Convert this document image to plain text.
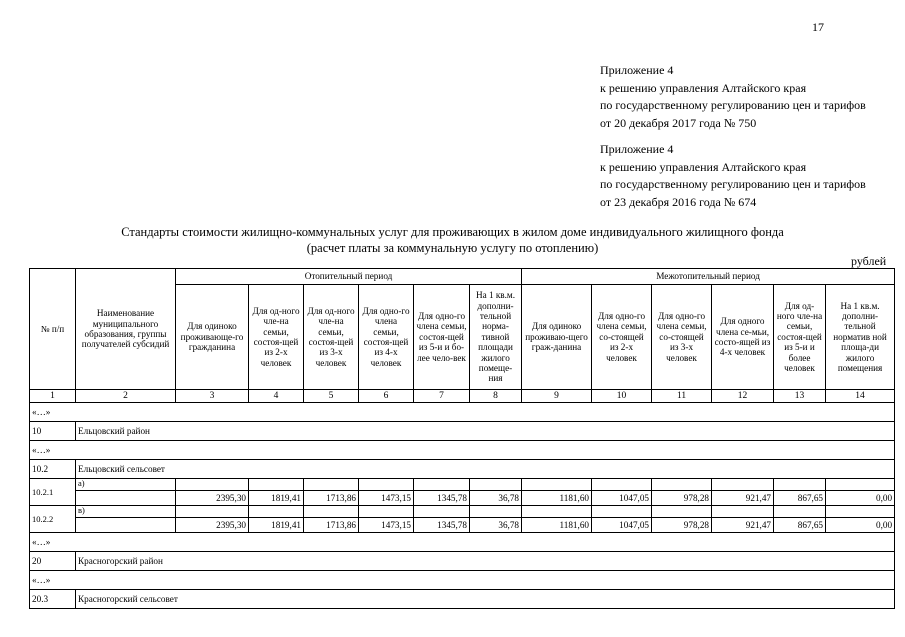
17
Приложение 4
к решению управления Алтайского края
по государственному регулированию цен и тарифов
от 20 декабря 2017 года № 750
Приложение 4
к решению управления Алтайского края
по государственному регулированию цен и тарифов
от 23 декабря 2016 года № 674
Стандарты стоимости жилищно-коммунальных услуг для проживающих в жилом доме индивидуального жилищного фонда
(расчет платы за коммунальную услугу по отоплению)
рублей
№ п/п	Наименование муниципального образования, группы получателей субсидий	Отопительный период						Межотопительный период					
		Для одиноко проживающе-го гражданина	Для од-ного чле-на семьи, состоя-щей из 2-х человек	Для од-ного чле-на семьи, состоя-щей из 3-х человек	Для одно-го члена семьи, состоя-щей из 4-х человек	Для одно-го члена семьи, состоя-щей из 5-и и бо-лее чело-век	На 1 кв.м. дополни-тельной норма-тивной площади жилого помеще-ния	Для одиноко проживаю-щего граж-данина	Для одно-го члена семьи, со-стоящей из 2-х человек	Для одно-го члена семьи, со-стоящей из 3-х человек	Для одного члена се-мьи, состо-ящей из 4-х человек	Для од-ного чле-на семьи, состоя-щей из 5-и и более человек	На 1 кв.м. дополни-тельной норматив ной площа-ди жилого помещения
1	2	3	4	5	6	7	8	9	10	11	12	13	14
«…»													
10	Ельцовский район												
«…»													
10.2	Ельцовский сельсовет												
10.2.1	а)												
		2395,30	1819,41	1713,86	1473,15	1345,78	36,78	1181,60	1047,05	978,28	921,47	867,65	0,00
10.2.2	в)												
		2395,30	1819,41	1713,86	1473,15	1345,78	36,78	1181,60	1047,05	978,28	921,47	867,65	0,00
«…»													
20	Красногорский район												
«…»													
20.3	Красногорский сельсовет												
